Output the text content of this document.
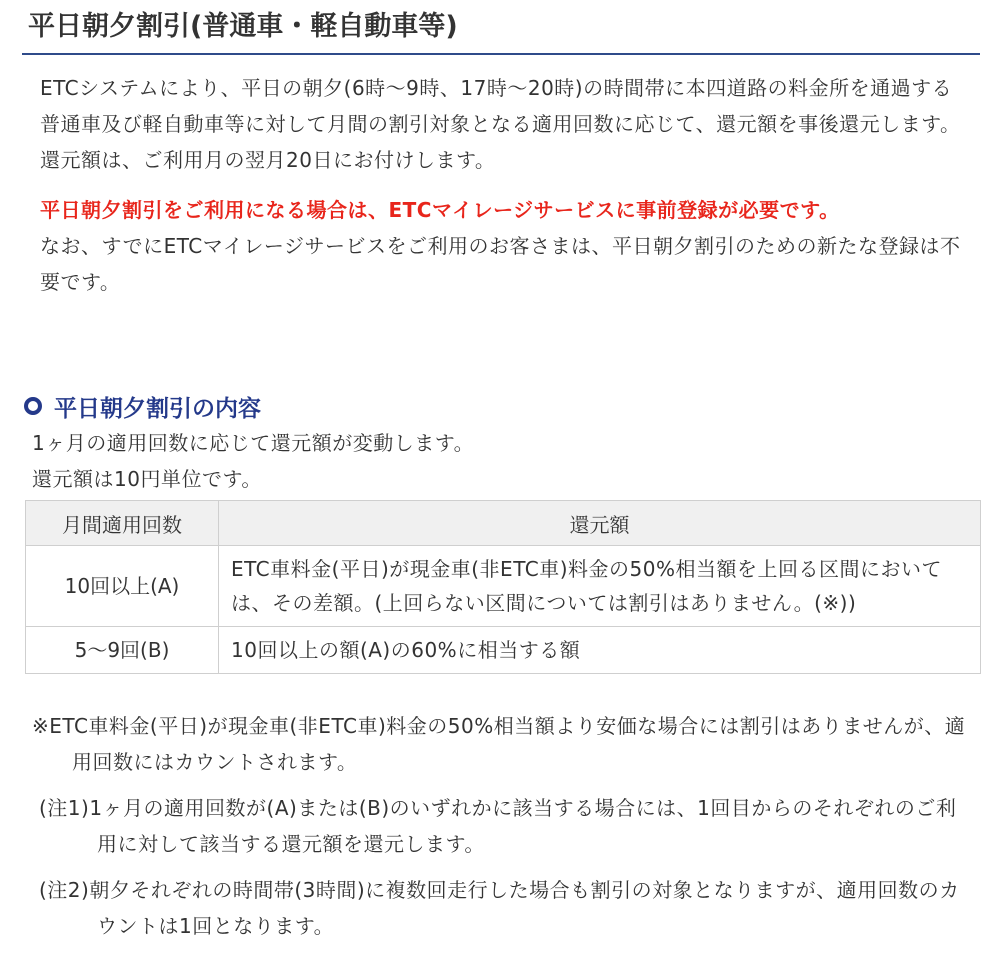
平日朝夕割引(普通車・軽自動車等)

ETCシステムにより、平日の朝夕(6時〜9時、17時〜20時)の時間帯に本四道路の料金所を通過する普通車及び軽自動車等に対して月間の割引対象となる適用回数に応じて、還元額を事後還元します。

還元額は、ご利用月の翌月20日にお付けします。

平日朝夕割引をご利用になる場合は、ETCマイレージサービスに事前登録が必要です。

なお、すでにETCマイレージサービスをご利用のお客さまは、平日朝夕割引のための新たな登録は不要です。

平日朝夕割引の内容

1ヶ月の適用回数に応じて還元額が変動します。

還元額は10円単位です。

月間適用回数	還元額
10回以上(A)	ETC車料金(平日)が現金車(非ETC車)料金の50%相当額を上回る区間においては、その差額。(上回らない区間については割引はありません。(※))
5〜9回(B)	10回以上の額(A)の60%に相当する額

※ETC車料金(平日)が現金車(非ETC車)料金の50%相当額より安価な場合には割引はありませんが、適用回数にはカウントされます。

(注1)1ヶ月の適用回数が(A)または(B)のいずれかに該当する場合には、1回目からのそれぞれのご利用に対して該当する還元額を還元します。

(注2)朝夕それぞれの時間帯(3時間)に複数回走行した場合も割引の対象となりますが、適用回数のカウントは1回となります。
